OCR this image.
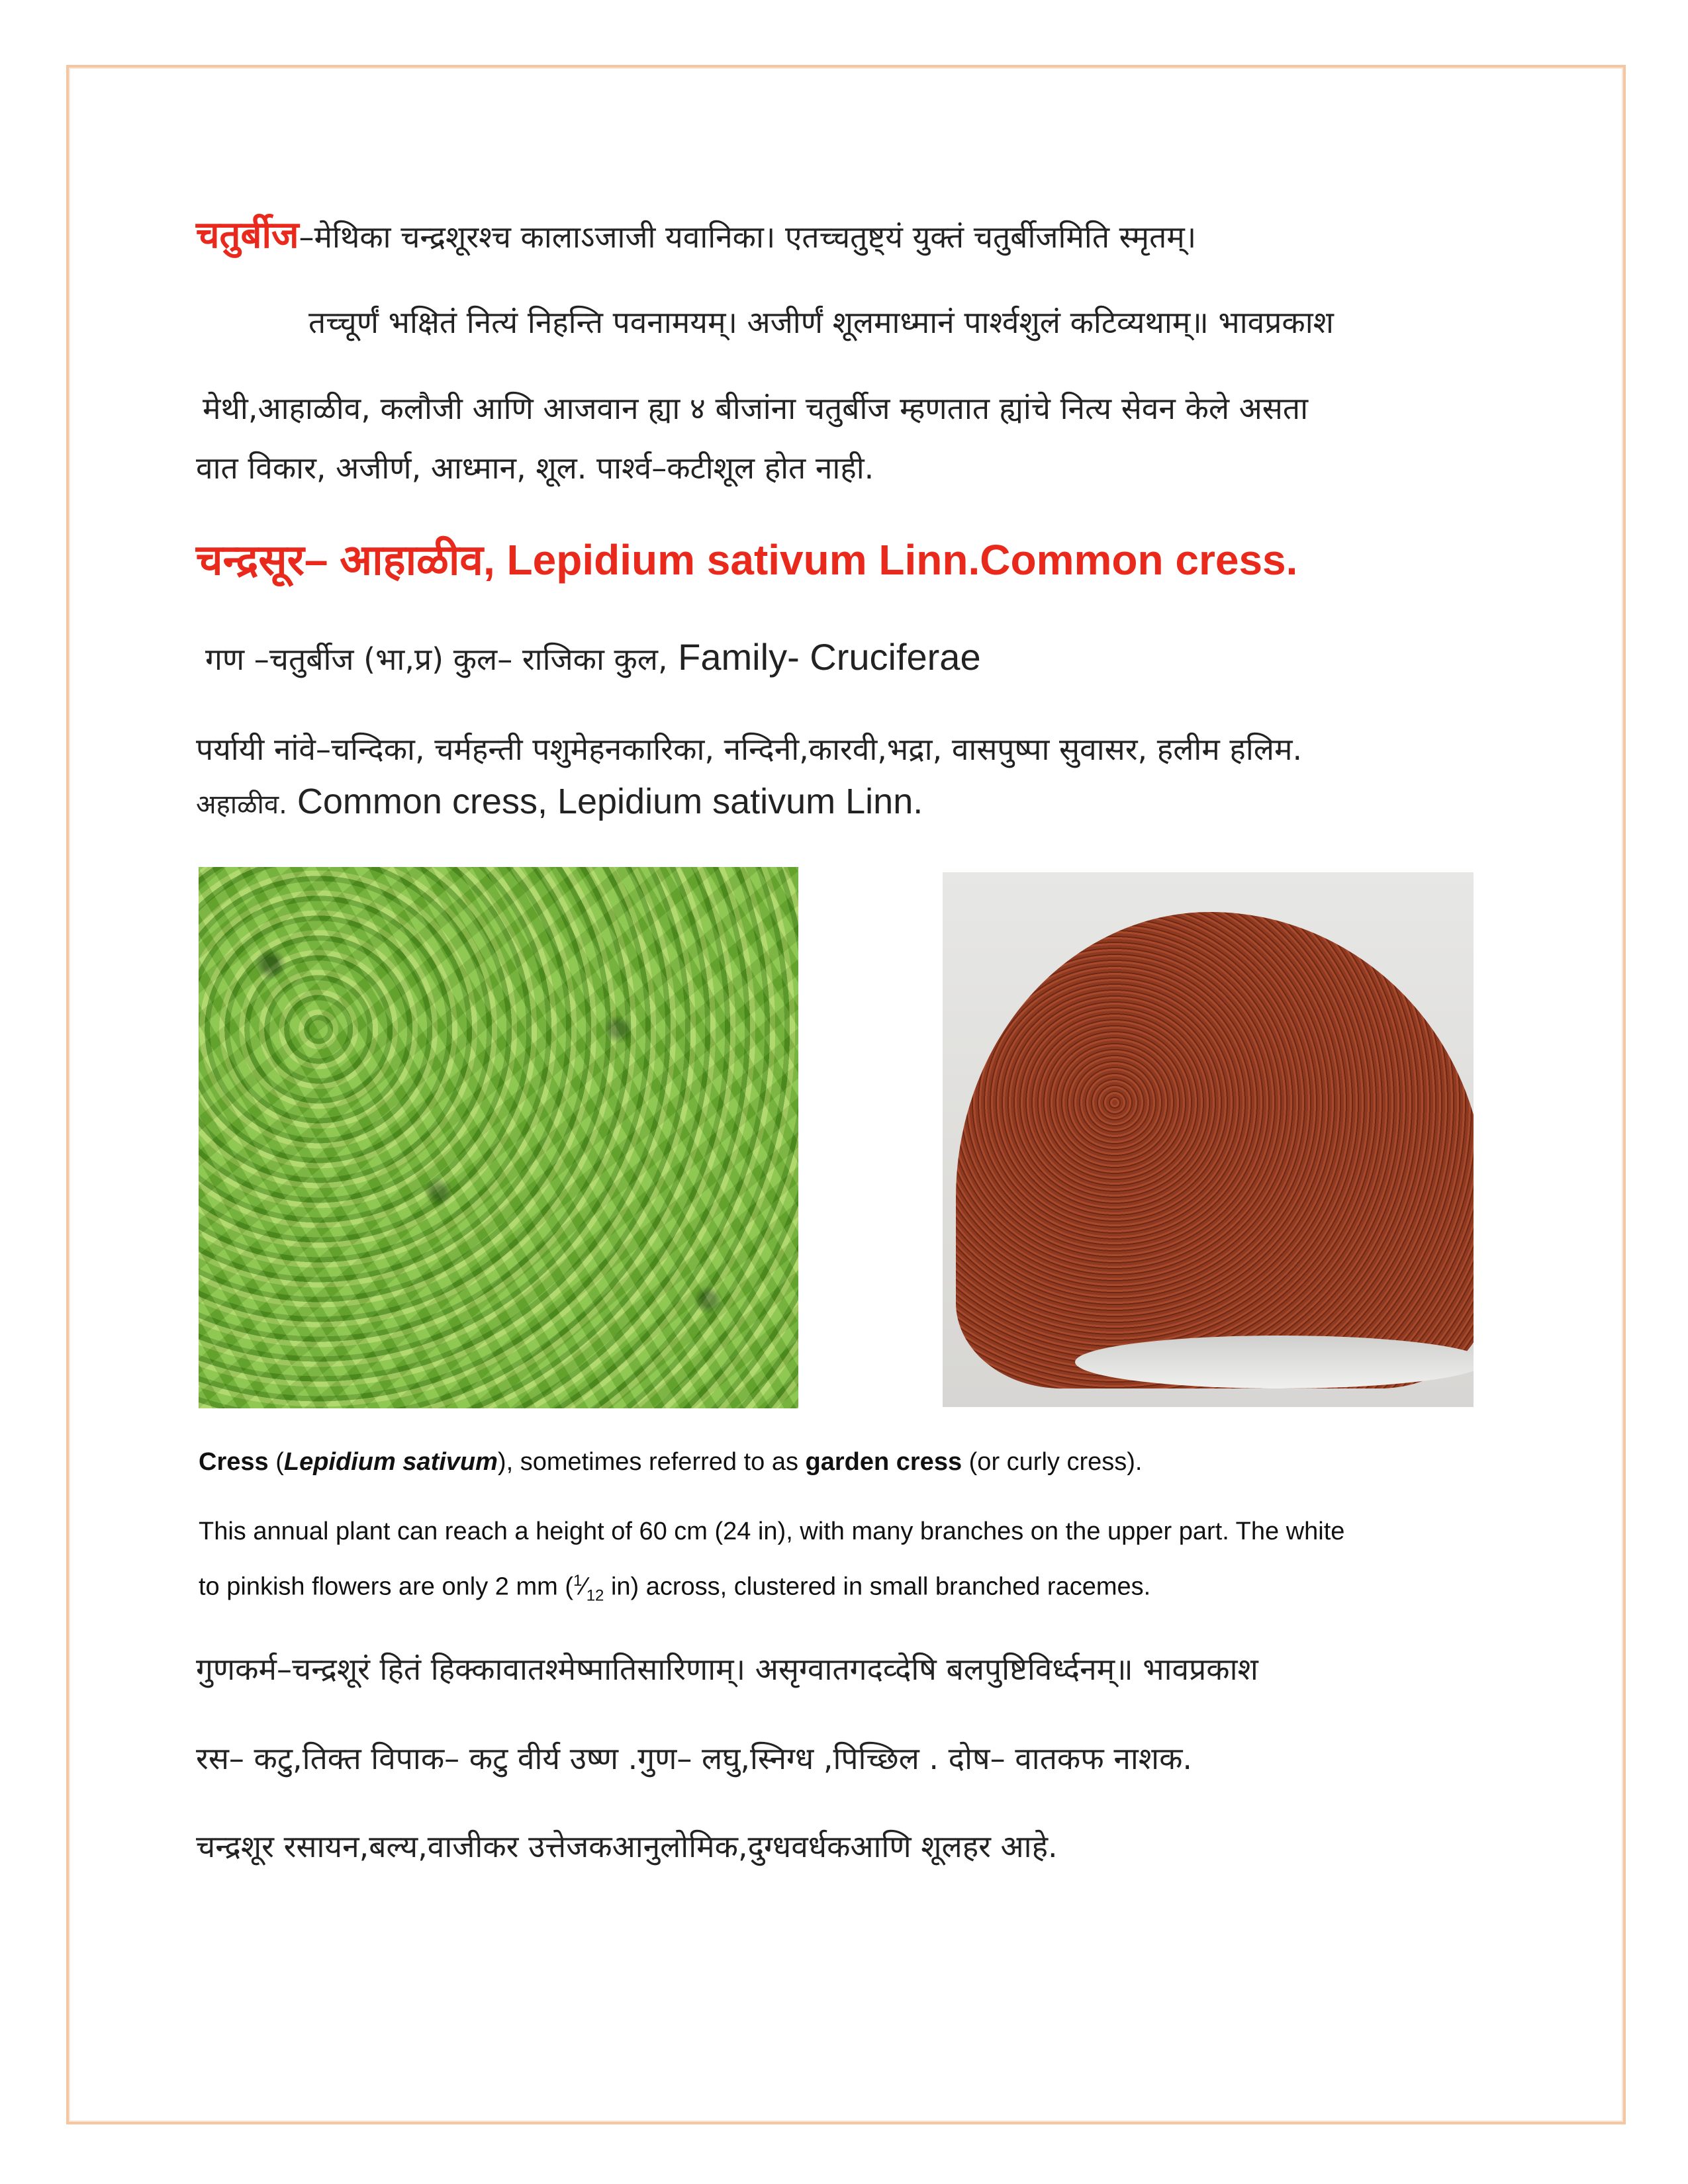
चतुर्बीज–मेथिका चन्द्रशूरश्च कालाऽजाजी यवानिका। एतच्चतुष्ट्यं युक्तं चतुर्बीजमिति स्मृतम्।
तच्चूर्णं भक्षितं नित्यं निहन्ति पवनामयम्। अजीर्णं शूलमाध्मानं पार्श्वशुलं कटिव्यथाम्॥ भावप्रकाश
मेथी,आहाळीव, कलौजी आणि आजवान ह्या ४ बीजांना चतुर्बीज म्हणतात ह्यांचे नित्य सेवन केले असता
वात विकार, अजीर्ण, आध्मान, शूल. पार्श्व–कटीशूल होत नाही.
चन्द्रसूर– आहाळीव, Lepidium sativum Linn.Common cress.
गण –चतुर्बीज (भा,प्र) कुल– राजिका कुल, Family- Cruciferae
पर्यायी नांवे–चन्दिका, चर्महन्ती पशुमेहनकारिका, नन्दिनी,कारवी,भद्रा, वासपुष्पा सुवासर, हलीम हलिम.
अहाळीव. Common cress, Lepidium sativum Linn.
Cress (Lepidium sativum), sometimes referred to as garden cress (or curly cress).
This annual plant can reach a height of 60 cm (24 in), with many branches on the upper part. The white
to pinkish flowers are only 2 mm ($^1⁄_{12}$ in) across, clustered in small branched racemes.
गुणकर्म–चन्द्रशूरं हितं हिक्कावातश्मेष्मातिसारिणाम्। असृग्वातगदव्देषि बलपुष्टिविर्ध्दनम्॥ भावप्रकाश
रस– कटु,तिक्त विपाक– कटु वीर्य उष्ण .गुण– लघु,स्निग्ध ,पिच्छिल . दोष– वातकफ नाशक.
चन्द्रशूर रसायन,बल्य,वाजीकर उत्तेजकआनुलोमिक,दुग्धवर्धकआणि शूलहर आहे.
